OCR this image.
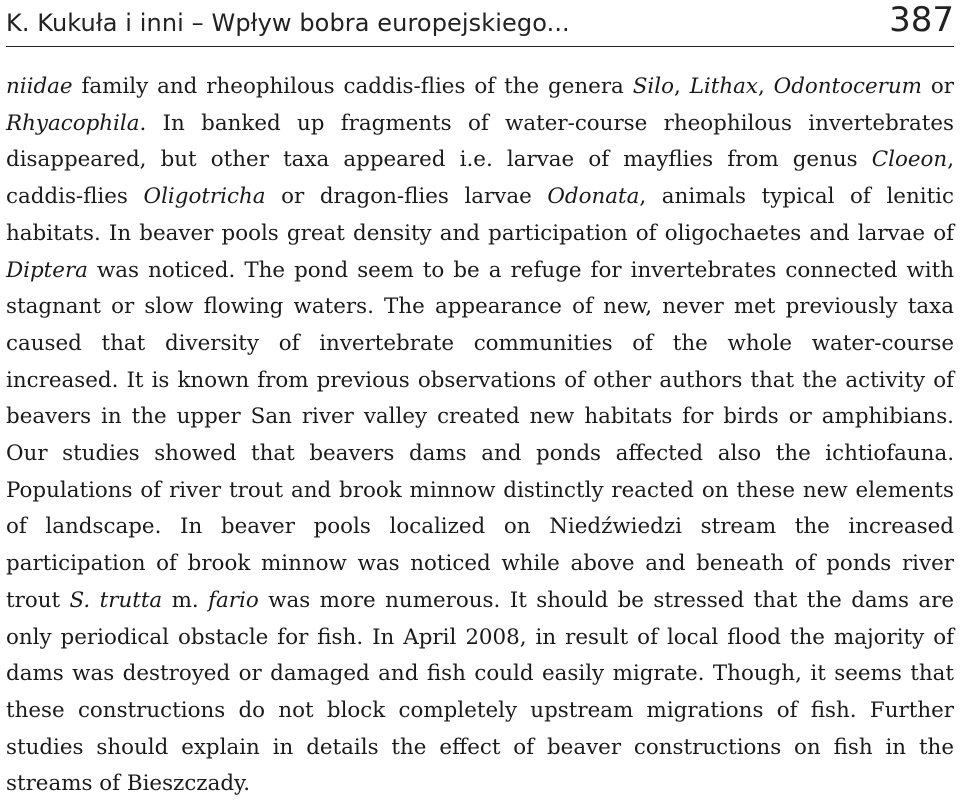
K. Kukuła i inni – Wpływ bobra europejskiego...	387

niidae family and rheophilous caddis-flies of the genera Silo, Lithax, Odontocerum or Rhyacophila. In banked up fragments of water-course rheophilous invertebrates disappeared, but other taxa appeared i.e. larvae of mayflies from genus Cloeon, caddis-flies Oligotricha or dragon-flies larvae Odonata, animals typical of lenitic habitats. In beaver pools great density and participation of oligochaetes and larvae of Diptera was noticed. The pond seem to be a refuge for invertebrates connected with stagnant or slow flowing waters. The appearance of new, never met previously taxa caused that diversity of invertebrate communities of the whole water-course increased. It is known from previous observations of other authors that the activity of beavers in the upper San river valley created new habitats for birds or amphibians. Our studies showed that beavers dams and ponds affected also the ichtiofauna. Populations of river trout and brook minnow distinctly reacted on these new elements of landscape. In beaver pools localized on Niedźwiedzi stream the increased participation of brook minnow was noticed while above and beneath of ponds river trout S. trutta m. fario was more numerous. It should be stressed that the dams are only periodical obstacle for fish. In April 2008, in result of local flood the majority of dams was destroyed or damaged and fish could easily migrate. Though, it seems that these constructions do not block completely upstream migrations of fish. Further studies should explain in details the effect of beaver constructions on fish in the streams of Bieszczady.
